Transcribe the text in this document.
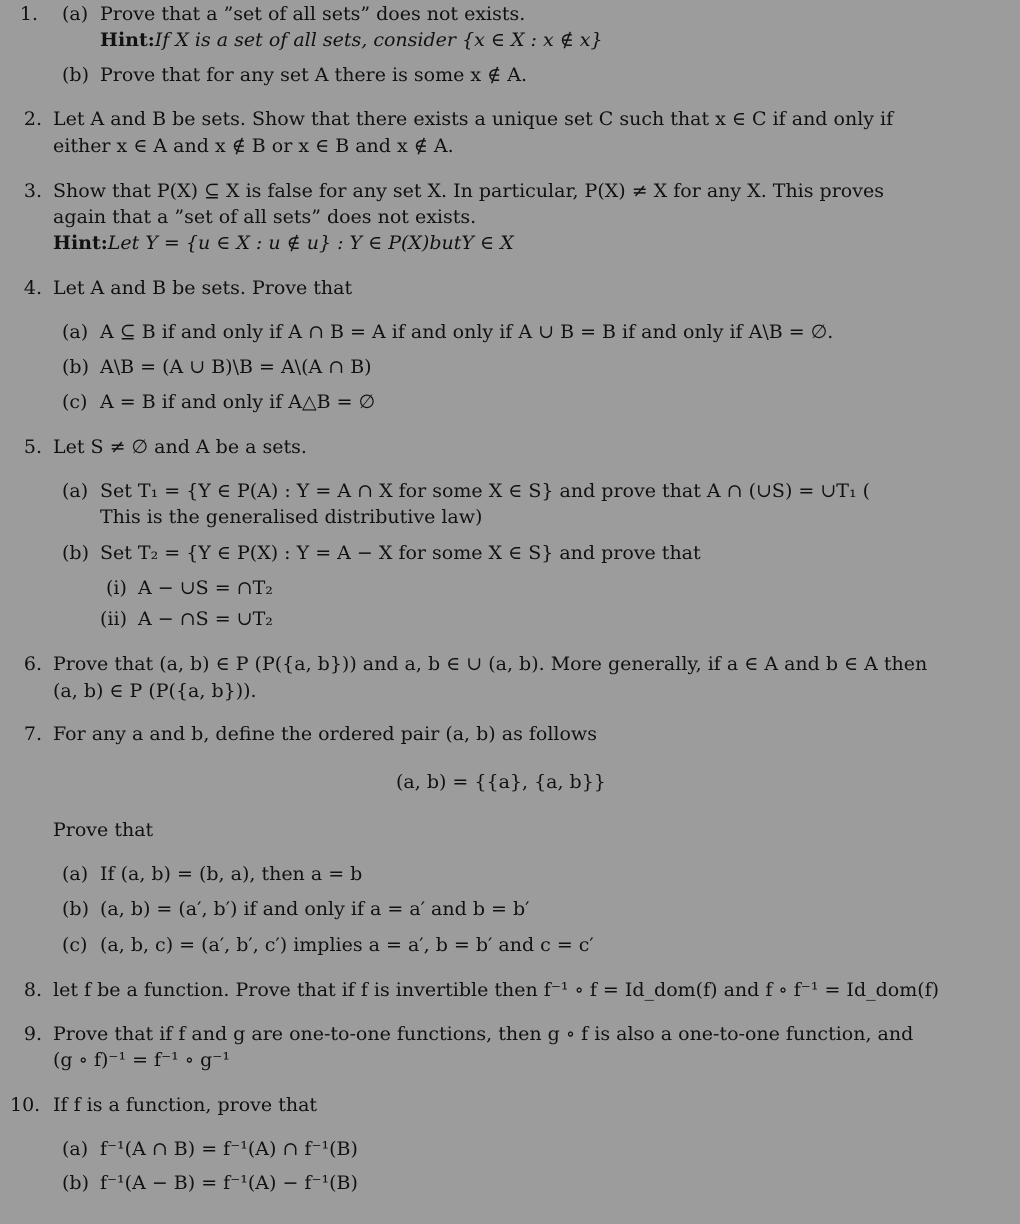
1. (a) Prove that a ”set of all sets” does not exists.
Hint:If X is a set of all sets, consider {x ∈ X : x ∉ x}
(b) Prove that for any set A there is some x ∉ A.
2. Let A and B be sets. Show that there exists a unique set C such that x ∈ C if and only if
either x ∈ A and x ∉ B or x ∈ B and x ∉ A.
3. Show that P(X) ⊆ X is false for any set X. In particular, P(X) ≠ X for any X. This proves
again that a ”set of all sets” does not exists.
Hint:Let Y = {u ∈ X : u ∉ u} : Y ∈ P(X)butY ∈ X
4. Let A and B be sets. Prove that
(a) A ⊆ B if and only if A ∩ B = A if and only if A ∪ B = B if and only if A\B = ∅.
(b) A\B = (A ∪ B)\B = A\(A ∩ B)
(c) A = B if and only if A△B = ∅
5. Let S ≠ ∅ and A be a sets.
(a) Set T₁ = {Y ∈ P(A) : Y = A ∩ X for some X ∈ S} and prove that A ∩ (∪S) = ∪T₁ (
This is the generalised distributive law)
(b) Set T₂ = {Y ∈ P(X) : Y = A − X for some X ∈ S} and prove that
(i) A − ∪S = ∩T₂
(ii) A − ∩S = ∪T₂
6. Prove that (a, b) ∈ P (P({a, b})) and a, b ∈ ∪ (a, b). More generally, if a ∈ A and b ∈ A then
(a, b) ∈ P (P({a, b})).
7. For any a and b, define the ordered pair (a, b) as follows
(a, b) = {{a}, {a, b}}
Prove that
(a) If (a, b) = (b, a), then a = b
(b) (a, b) = (a′, b′) if and only if a = a′ and b = b′
(c) (a, b, c) = (a′, b′, c′) implies a = a′, b = b′ and c = c′
8. let f be a function. Prove that if f is invertible then f⁻¹ ∘ f = Id_dom(f) and f ∘ f⁻¹ = Id_dom(f)
9. Prove that if f and g are one-to-one functions, then g ∘ f is also a one-to-one function, and
(g ∘ f)⁻¹ = f⁻¹ ∘ g⁻¹
10. If f is a function, prove that
(a) f⁻¹(A ∩ B) = f⁻¹(A) ∩ f⁻¹(B)
(b) f⁻¹(A − B) = f⁻¹(A) − f⁻¹(B)
